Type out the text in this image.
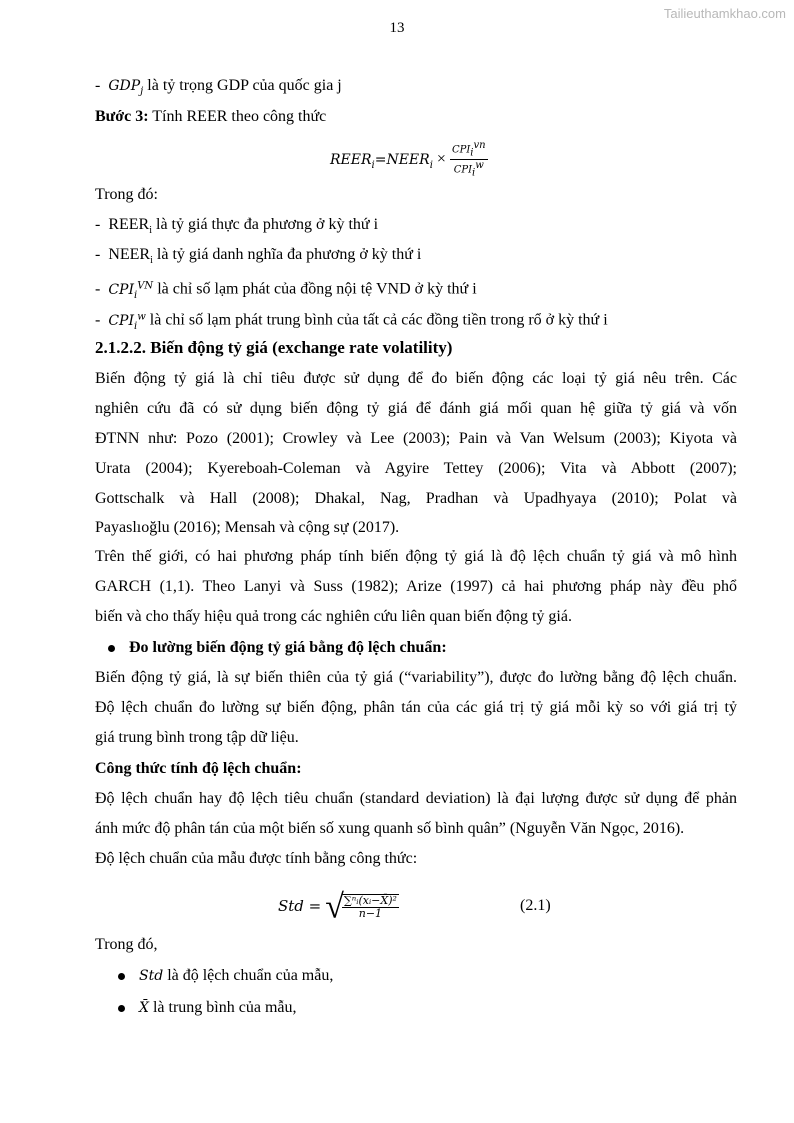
Tailieuthamkhao.com
13
-  $GDP_j$ là tỷ trọng GDP của quốc gia j
Bước 3: Tính REER theo công thức
$REER_i=NEER_i \times \frac{CPI_i^{vn}}{CPI_i^w}$
Trong đó:
-  $REER_i$ là tỷ giá thực đa phương ở kỳ thứ i
-  $NEER_i$ là tỷ giá danh nghĩa đa phương ở kỳ thứ i
-  $CPI_i^{VN}$ là chỉ số lạm phát của đồng nội tệ VND ở kỳ thứ i
-  $CPI_i^w$ là chỉ số lạm phát trung bình của tất cả các đồng tiền trong rổ ở kỳ thứ i
2.1.2.2. Biến động tỷ giá (exchange rate volatility)
Biến động tỷ giá là chỉ tiêu được sử dụng để đo biến động các loại tỷ giá nêu trên. Các
nghiên cứu đã có sử dụng biến động tỷ giá để đánh giá mối quan hệ giữa tỷ giá và vốn
ĐTNN như: Pozo (2001); Crowley và Lee (2003); Pain và Van Welsum (2003); Kiyota và
Urata (2004); Kyereboah-Coleman và Agyire Tettey (2006); Vita và Abbott (2007);
Gottschalk và Hall (2008); Dhakal, Nag, Pradhan và Upadhyaya (2010); Polat và
Payaslıoğlu (2016); Mensah và cộng sự (2017).
Trên thế giới, có hai phương pháp tính biến động tỷ giá là độ lệch chuẩn tỷ giá và mô hình
GARCH (1,1). Theo Lanyi và Suss (1982); Arize (1997) cả hai phương pháp này đều phổ
biến và cho thấy hiệu quả trong các nghiên cứu liên quan biến động tỷ giá.
Đo lường biến động tỷ giá bằng độ lệch chuẩn:
Biến động tỷ giá, là sự biến thiên của tỷ giá (“variability”), được đo lường bằng độ lệch chuẩn.
Độ lệch chuẩn đo lường sự biến động, phân tán của các giá trị tỷ giá mỗi kỳ so với giá trị tỷ
giá trung bình trong tập dữ liệu.
Công thức tính độ lệch chuẩn:
Độ lệch chuẩn hay độ lệch tiêu chuẩn (standard deviation) là đại lượng được sử dụng để phản
ánh mức độ phân tán của một biến số xung quanh số bình quân” (Nguyễn Văn Ngọc, 2016).
Độ lệch chuẩn của mẫu được tính bằng công thức:
Std = √
$\frac{\text{∑ⁿᵢ(xᵢ−X̄)²}}{n-1}$	(2.1)
Trong đó,
Std là độ lệch chuẩn của mẫu,
X̄ là trung bình của mẫu,
